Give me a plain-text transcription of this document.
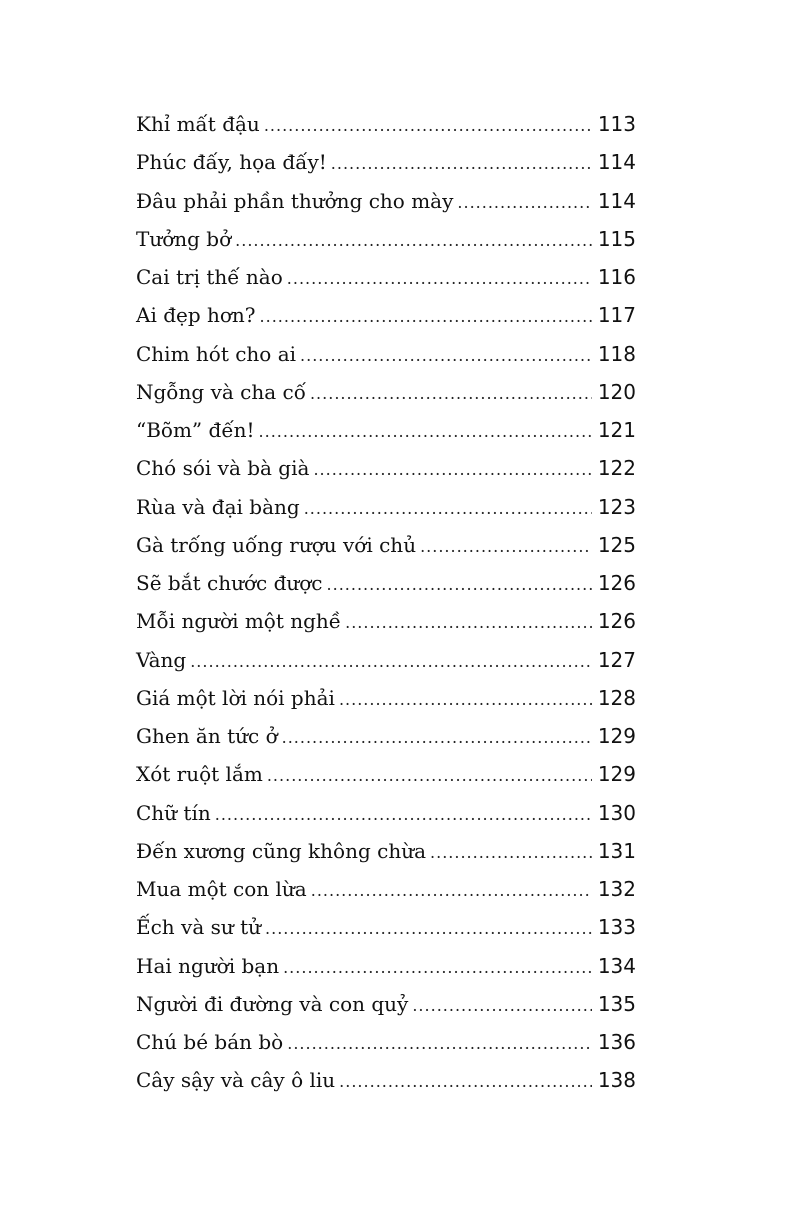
Khỉ mất đậu .....	113
Phúc đấy, họa đấy! .....	114
Đâu phải phần thưởng cho mày .....	114
Tưởng bở .....	115
Cai trị thế nào .....	116
Ai đẹp hơn? .....	117
Chim hót cho ai .....	118
Ngỗng và cha cố .....	120
“Bõm” đến! .....	121
Chó sói và bà già .....	122
Rùa và đại bàng .....	123
Gà trống uống rượu với chủ .....	125
Sẽ bắt chước được .....	126
Mỗi người một nghề .....	126
Vàng .....	127
Giá một lời nói phải .....	128
Ghen ăn tức ở .....	129
Xót ruột lắm .....	129
Chữ tín .....	130
Đến xương cũng không chừa .....	131
Mua một con lừa .....	132
Ếch và sư tử .....	133
Hai người bạn .....	134
Người đi đường và con quỷ .....	135
Chú bé bán bò .....	136
Cây sậy và cây ô liu .....	138
